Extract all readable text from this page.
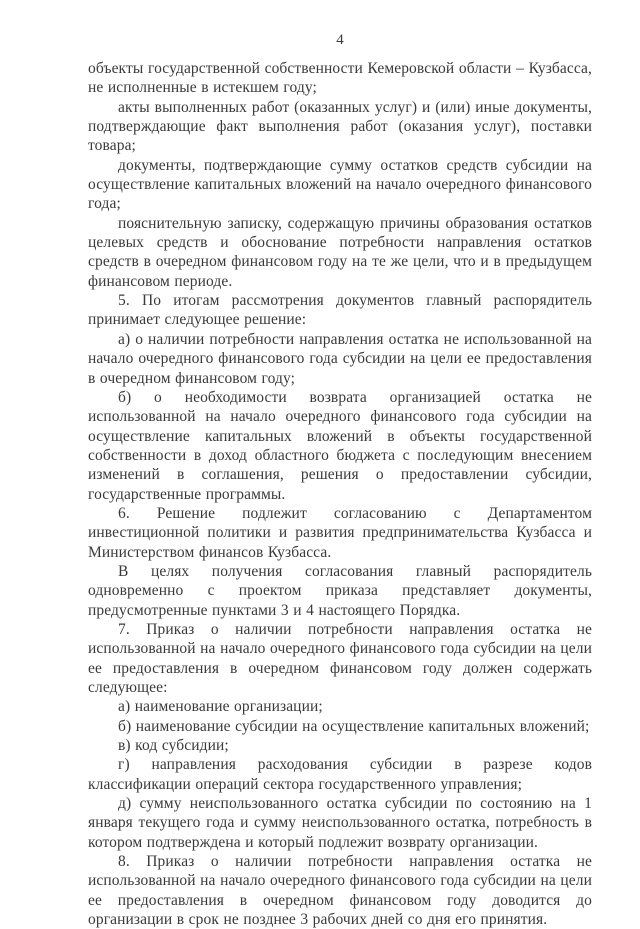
4

объекты государственной собственности Кемеровской области – Кузбасса, не исполненные в истекшем году;

акты выполненных работ (оказанных услуг) и (или) иные документы, подтверждающие факт выполнения работ (оказания услуг), поставки товара;

документы, подтверждающие сумму остатков средств субсидии на осуществление капитальных вложений на начало очередного финансового года;

пояснительную записку, содержащую причины образования остатков целевых средств и обоснование потребности направления остатков средств в очередном финансовом году на те же цели, что и в предыдущем финансовом периоде.

5. По итогам рассмотрения документов главный распорядитель принимает следующее решение:

а) о наличии потребности направления остатка не использованной на начало очередного финансового года субсидии на цели ее предоставления в очередном финансовом году;

б) о необходимости возврата организацией остатка не использованной на начало очередного финансового года субсидии на осуществление капитальных вложений в объекты государственной собственности в доход областного бюджета с последующим внесением изменений в соглашения, решения о предоставлении субсидии, государственные программы.

6. Решение подлежит согласованию с Департаментом инвестиционной политики и развития предпринимательства Кузбасса и Министерством финансов Кузбасса.

В целях получения согласования главный распорядитель одновременно с проектом приказа представляет документы, предусмотренные пунктами 3 и 4 настоящего Порядка.

7. Приказ о наличии потребности направления остатка не использованной на начало очередного финансового года субсидии на цели ее предоставления в очередном финансовом году должен содержать следующее:

а) наименование организации;

б) наименование субсидии на осуществление капитальных вложений;

в) код субсидии;

г) направления расходования субсидии в разрезе кодов классификации операций сектора государственного управления;

д) сумму неиспользованного остатка субсидии по состоянию на 1 января текущего года и сумму неиспользованного остатка, потребность в котором подтверждена и который подлежит возврату организации.

8. Приказ о наличии потребности направления остатка не использованной на начало очередного финансового года субсидии на цели ее предоставления в очередном финансовом году доводится до организации в срок не позднее 3 рабочих дней со дня его принятия.
